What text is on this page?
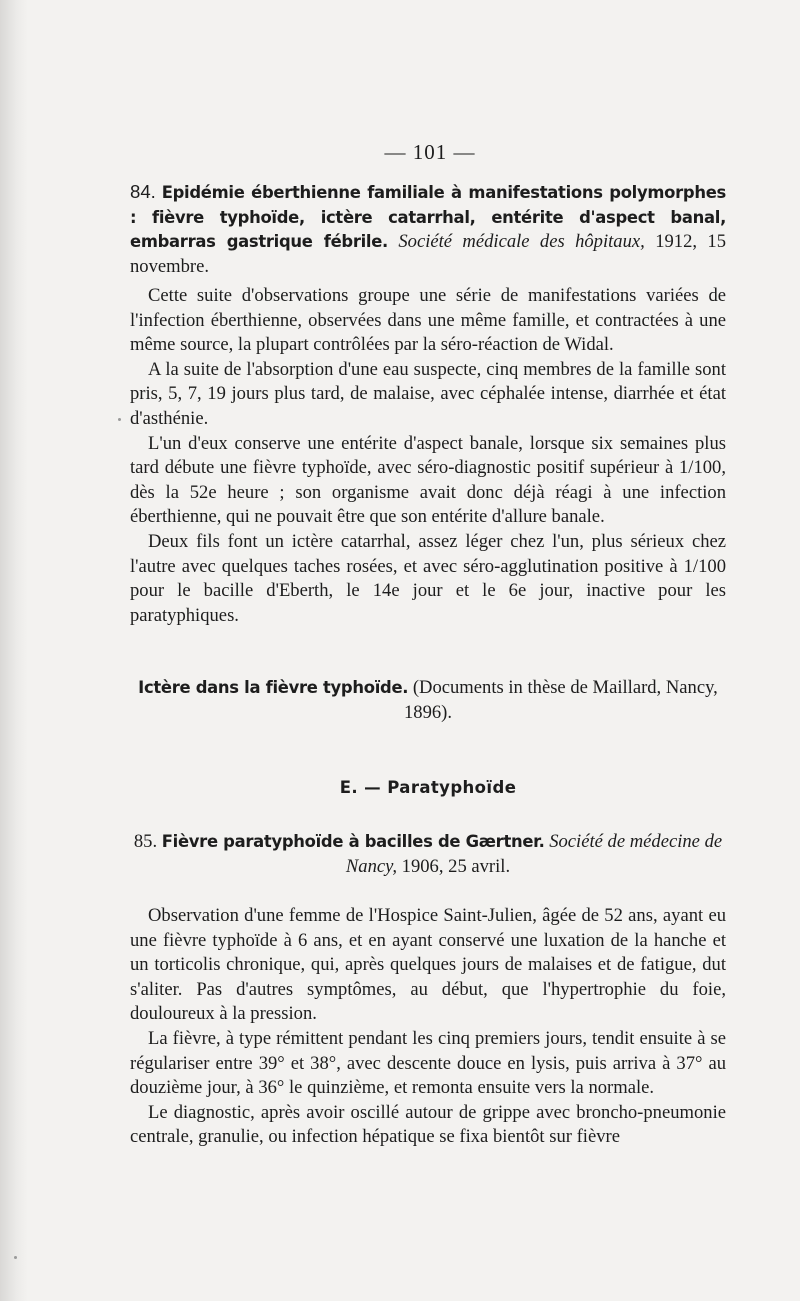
— 101 —
84. Epidémie éberthienne familiale à manifestations polymorphes : fièvre typhoïde, ictère catarrhal, entérite d'aspect banal, embarras gastrique fébrile. Société médicale des hôpitaux, 1912, 15 novembre.

Cette suite d'observations groupe une série de manifestations variées de l'infection éberthienne, observées dans une même famille, et contractées à une même source, la plupart contrôlées par la séro-réaction de Widal.

A la suite de l'absorption d'une eau suspecte, cinq membres de la famille sont pris, 5, 7, 19 jours plus tard, de malaise, avec céphalée intense, diarrhée et état d'asthénie.

L'un d'eux conserve une entérite d'aspect banale, lorsque six semaines plus tard débute une fièvre typhoïde, avec séro-diagnostic positif supérieur à 1/100, dès la 52e heure ; son organisme avait donc déjà réagi à une infection éberthienne, qui ne pouvait être que son entérite d'allure banale.

Deux fils font un ictère catarrhal, assez léger chez l'un, plus sérieux chez l'autre avec quelques taches rosées, et avec séro-agglutination positive à 1/100 pour le bacille d'Eberth, le 14e jour et le 6e jour, inactive pour les paratyphiques.

Ictère dans la fièvre typhoïde. (Documents in thèse de Maillard, Nancy, 1896).
E. — Paratyphoïde
85. Fièvre paratyphoïde à bacilles de Gærtner. Société de médecine de Nancy, 1906, 25 avril.

Observation d'une femme de l'Hospice Saint-Julien, âgée de 52 ans, ayant eu une fièvre typhoïde à 6 ans, et en ayant conservé une luxation de la hanche et un torticolis chronique, qui, après quelques jours de malaises et de fatigue, dut s'aliter. Pas d'autres symptômes, au début, que l'hypertrophie du foie, douloureux à la pression.

La fièvre, à type rémittent pendant les cinq premiers jours, tendit ensuite à se régulariser entre 39° et 38°, avec descente douce en lysis, puis arriva à 37° au douzième jour, à 36° le quinzième, et remonta ensuite vers la normale.

Le diagnostic, après avoir oscillé autour de grippe avec broncho-pneumonie centrale, granulie, ou infection hépatique se fixa bientôt sur fièvre
